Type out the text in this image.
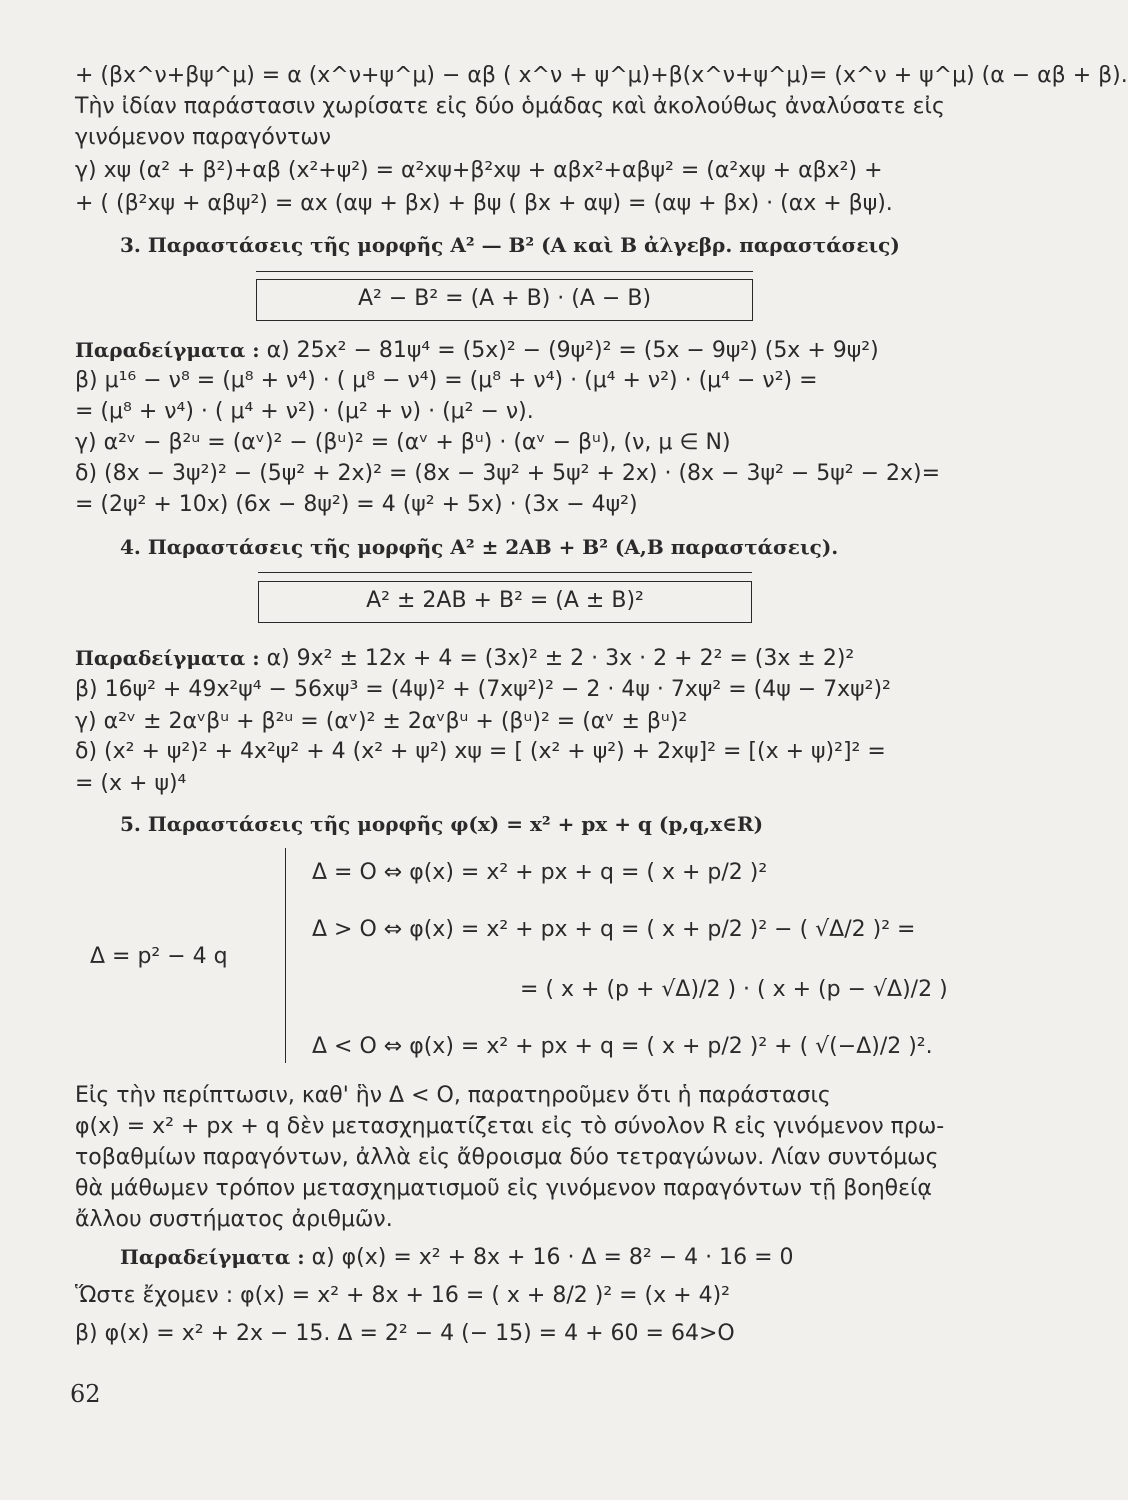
+ (βx^ν+βψ^μ) = α (x^ν+ψ^μ) − αβ ( x^ν + ψ^μ)+β(x^ν+ψ^μ)= (x^ν + ψ^μ) (α − αβ + β).
Τὴν ἰδίαν παράστασιν χωρίσατε εἰς δύο ὁμάδας καὶ ἀκολούθως ἀναλύσατε εἰς
γινόμενον παραγόντων
γ) xψ (α² + β²)+αβ (x²+ψ²) = α²xψ+β²xψ + αβx²+αβψ² = (α²xψ + αβx²) +
+ ( (β²xψ + αβψ²) = αx (αψ + βx) + βψ ( βx + αψ) = (αψ + βx) · (αx + βψ).
3. Παραστάσεις τῆς μορφῆς A² — B² (A καὶ B ἀλγεβρ. παραστάσεις)
A² − B² = (A + B) · (A − B)
Παραδείγματα : α) 25x² − 81ψ⁴ = (5x)² − (9ψ²)² = (5x − 9ψ²) (5x + 9ψ²)
β) μ¹⁶ − ν⁸ = (μ⁸ + ν⁴) · ( μ⁸ − ν⁴) = (μ⁸ + ν⁴) · (μ⁴ + ν²) · (μ⁴ − ν²) =
= (μ⁸ + ν⁴) · ( μ⁴ + ν²) · (μ² + ν) · (μ² − ν).
γ) α²ᵛ − β²ᵘ = (αᵛ)² − (βᵘ)² = (αᵛ + βᵘ) · (αᵛ − βᵘ), (ν, μ ∈ N)
δ) (8x − 3ψ²)² − (5ψ² + 2x)² = (8x − 3ψ² + 5ψ² + 2x) · (8x − 3ψ² − 5ψ² − 2x)=
= (2ψ² + 10x) (6x − 8ψ²) = 4 (ψ² + 5x) · (3x − 4ψ²)
4. Παραστάσεις τῆς μορφῆς A² ± 2AB + B² (A,B παραστάσεις).
A² ± 2AB + B² = (A ± B)²
Παραδείγματα : α) 9x² ± 12x + 4 = (3x)² ± 2 · 3x · 2 + 2² = (3x ± 2)²
β) 16ψ² + 49x²ψ⁴ − 56xψ³ = (4ψ)² + (7xψ²)² − 2 · 4ψ · 7xψ² = (4ψ − 7xψ²)²
γ) α²ᵛ ± 2αᵛβᵘ + β²ᵘ = (αᵛ)² ± 2αᵛβᵘ + (βᵘ)² = (αᵛ ± βᵘ)²
δ) (x² + ψ²)² + 4x²ψ² + 4 (x² + ψ²) xψ = [ (x² + ψ²) + 2xψ]² = [(x + ψ)²]² =
= (x + ψ)⁴
5. Παραστάσεις τῆς μορφῆς φ(x) = x² + px + q (p,q,x∈R)
Δ = p² − 4 q
Δ = O ⇔ φ(x) = x² + px + q = ( x + p/2 )²
Δ > O ⇔ φ(x) = x² + px + q = ( x + p/2 )² − ( √Δ/2 )² =
= ( x + (p + √Δ)/2 ) · ( x + (p − √Δ)/2 )
Δ < O ⇔ φ(x) = x² + px + q = ( x + p/2 )² + ( √(−Δ)/2 )².
Εἰς τὴν περίπτωσιν, καθ' ἣν Δ < O, παρατηροῦμεν ὅτι ἡ παράστασις
φ(x) = x² + px + q δὲν μετασχηματίζεται εἰς τὸ σύνολον R εἰς γινόμενον πρω-
τοβαθμίων παραγόντων, ἀλλὰ εἰς ἄθροισμα δύο τετραγώνων. Λίαν συντόμως
θὰ μάθωμεν τρόπον μετασχηματισμοῦ εἰς γινόμενον παραγόντων τῇ βοηθείᾳ
ἄλλου συστήματος ἀριθμῶν.
Παραδείγματα : α) φ(x) = x² + 8x + 16 · Δ = 8² − 4 · 16 = 0
Ὥστε ἔχομεν : φ(x) = x² + 8x + 16 = ( x + 8/2 )² = (x + 4)²
β) φ(x) = x² + 2x − 15. Δ = 2² − 4 (− 15) = 4 + 60 = 64>O
62
